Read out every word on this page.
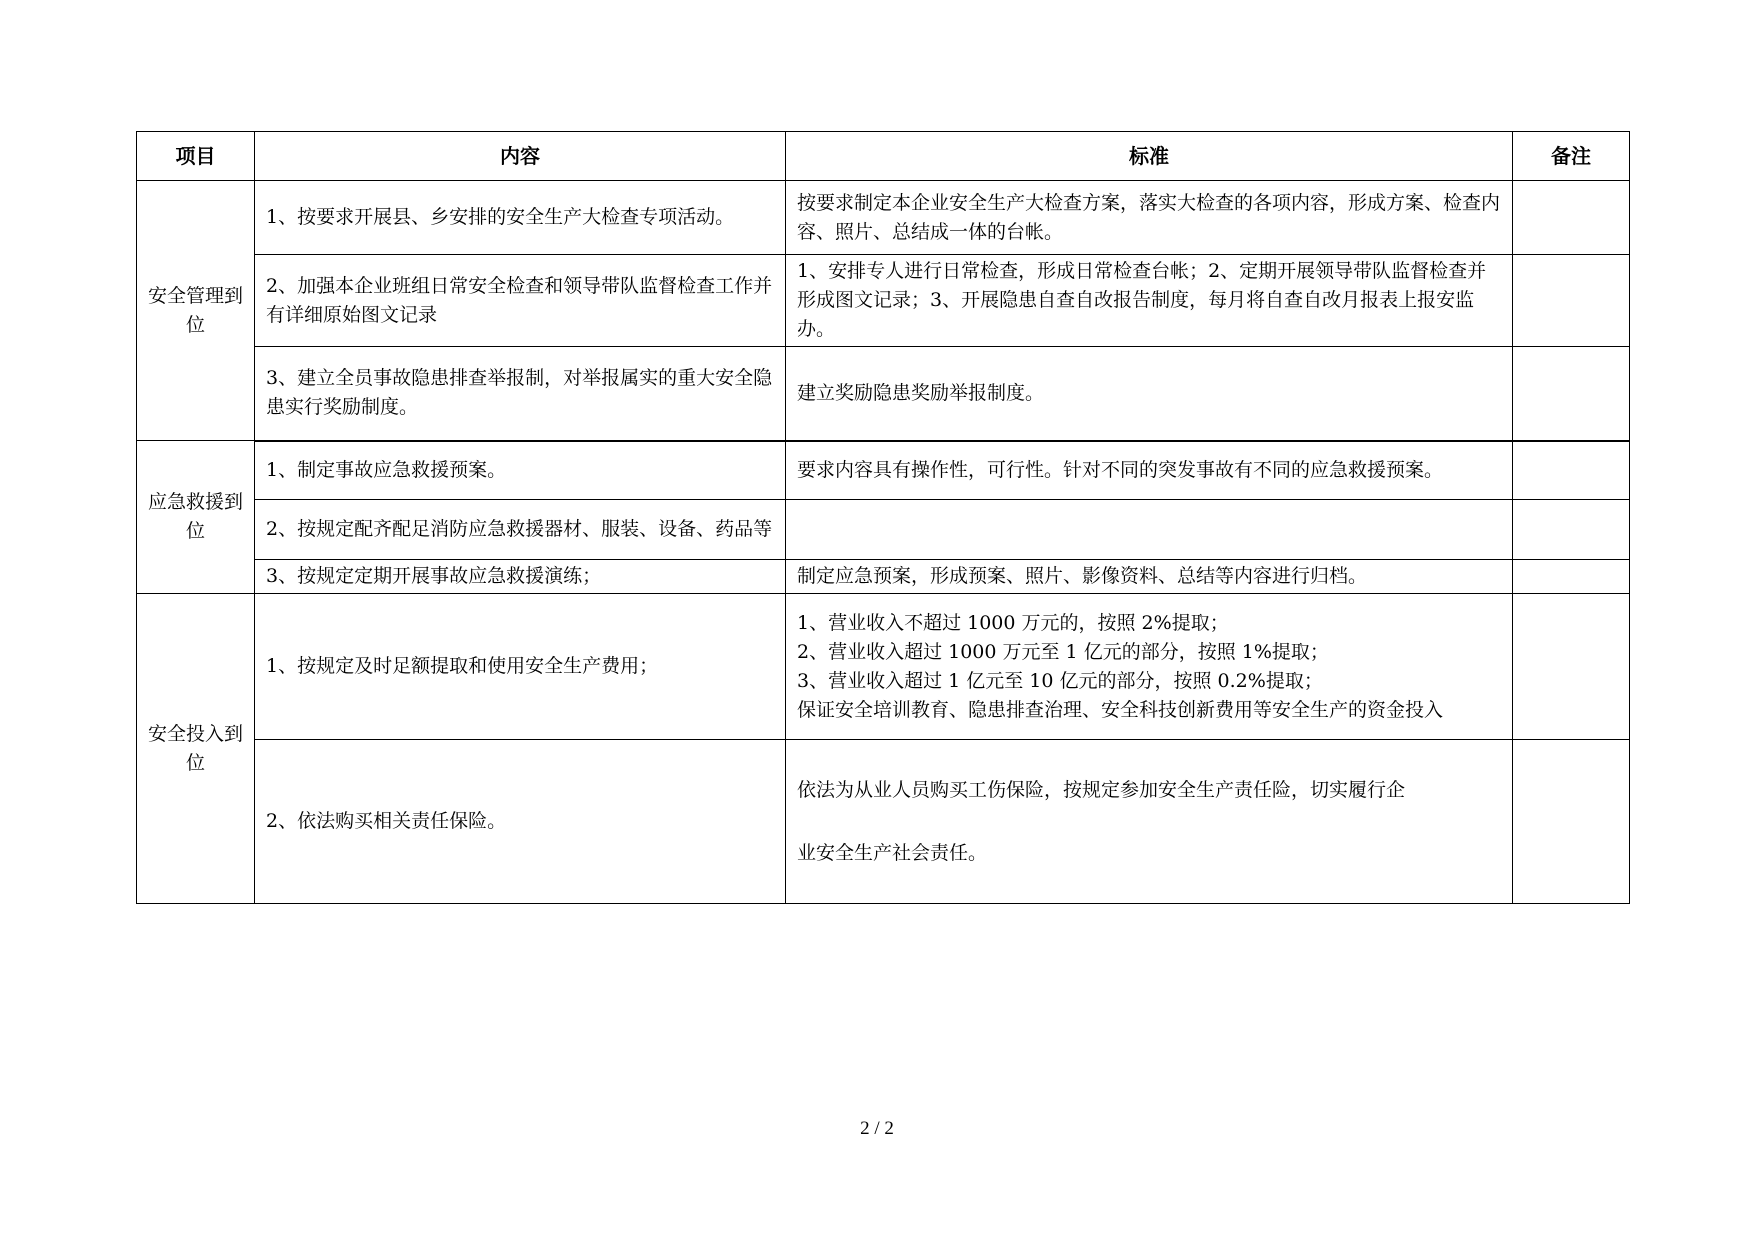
项目	内容	标准	备注
安全管理到位	1、按要求开展县、乡安排的安全生产大检查专项活动。	按要求制定本企业安全生产大检查方案，落实大检查的各项内容，形成方案、检查内容、照片、总结成一体的台帐。	
	2、加强本企业班组日常安全检查和领导带队监督检查工作并有详细原始图文记录	1、安排专人进行日常检查，形成日常检查台帐；2、定期开展领导带队监督检查并形成图文记录；3、开展隐患自查自改报告制度，每月将自查自改月报表上报安监办。	
	3、建立全员事故隐患排查举报制，对举报属实的重大安全隐患实行奖励制度。	建立奖励隐患奖励举报制度。	
应急救援到位	1、制定事故应急救援预案。	要求内容具有操作性，可行性。针对不同的突发事故有不同的应急救援预案。	
	2、按规定配齐配足消防应急救援器材、服装、设备、药品等		
	3、按规定定期开展事故应急救援演练；	制定应急预案，形成预案、照片、影像资料、总结等内容进行归档。	
安全投入到位	1、按规定及时足额提取和使用安全生产费用；	1、营业收入不超过 1000 万元的，按照 2%提取；
2、营业收入超过 1000 万元至 1 亿元的部分，按照 1%提取；
3、营业收入超过 1 亿元至 10 亿元的部分，按照 0.2%提取；
保证安全培训教育、隐患排查治理、安全科技创新费用等安全生产的资金投入	

	2、依法购买相关责任保险。	依法为从业人员购买工伤保险，按规定参加安全生产责任险，切实履行企
业安全生产社会责任。	

2 / 2
